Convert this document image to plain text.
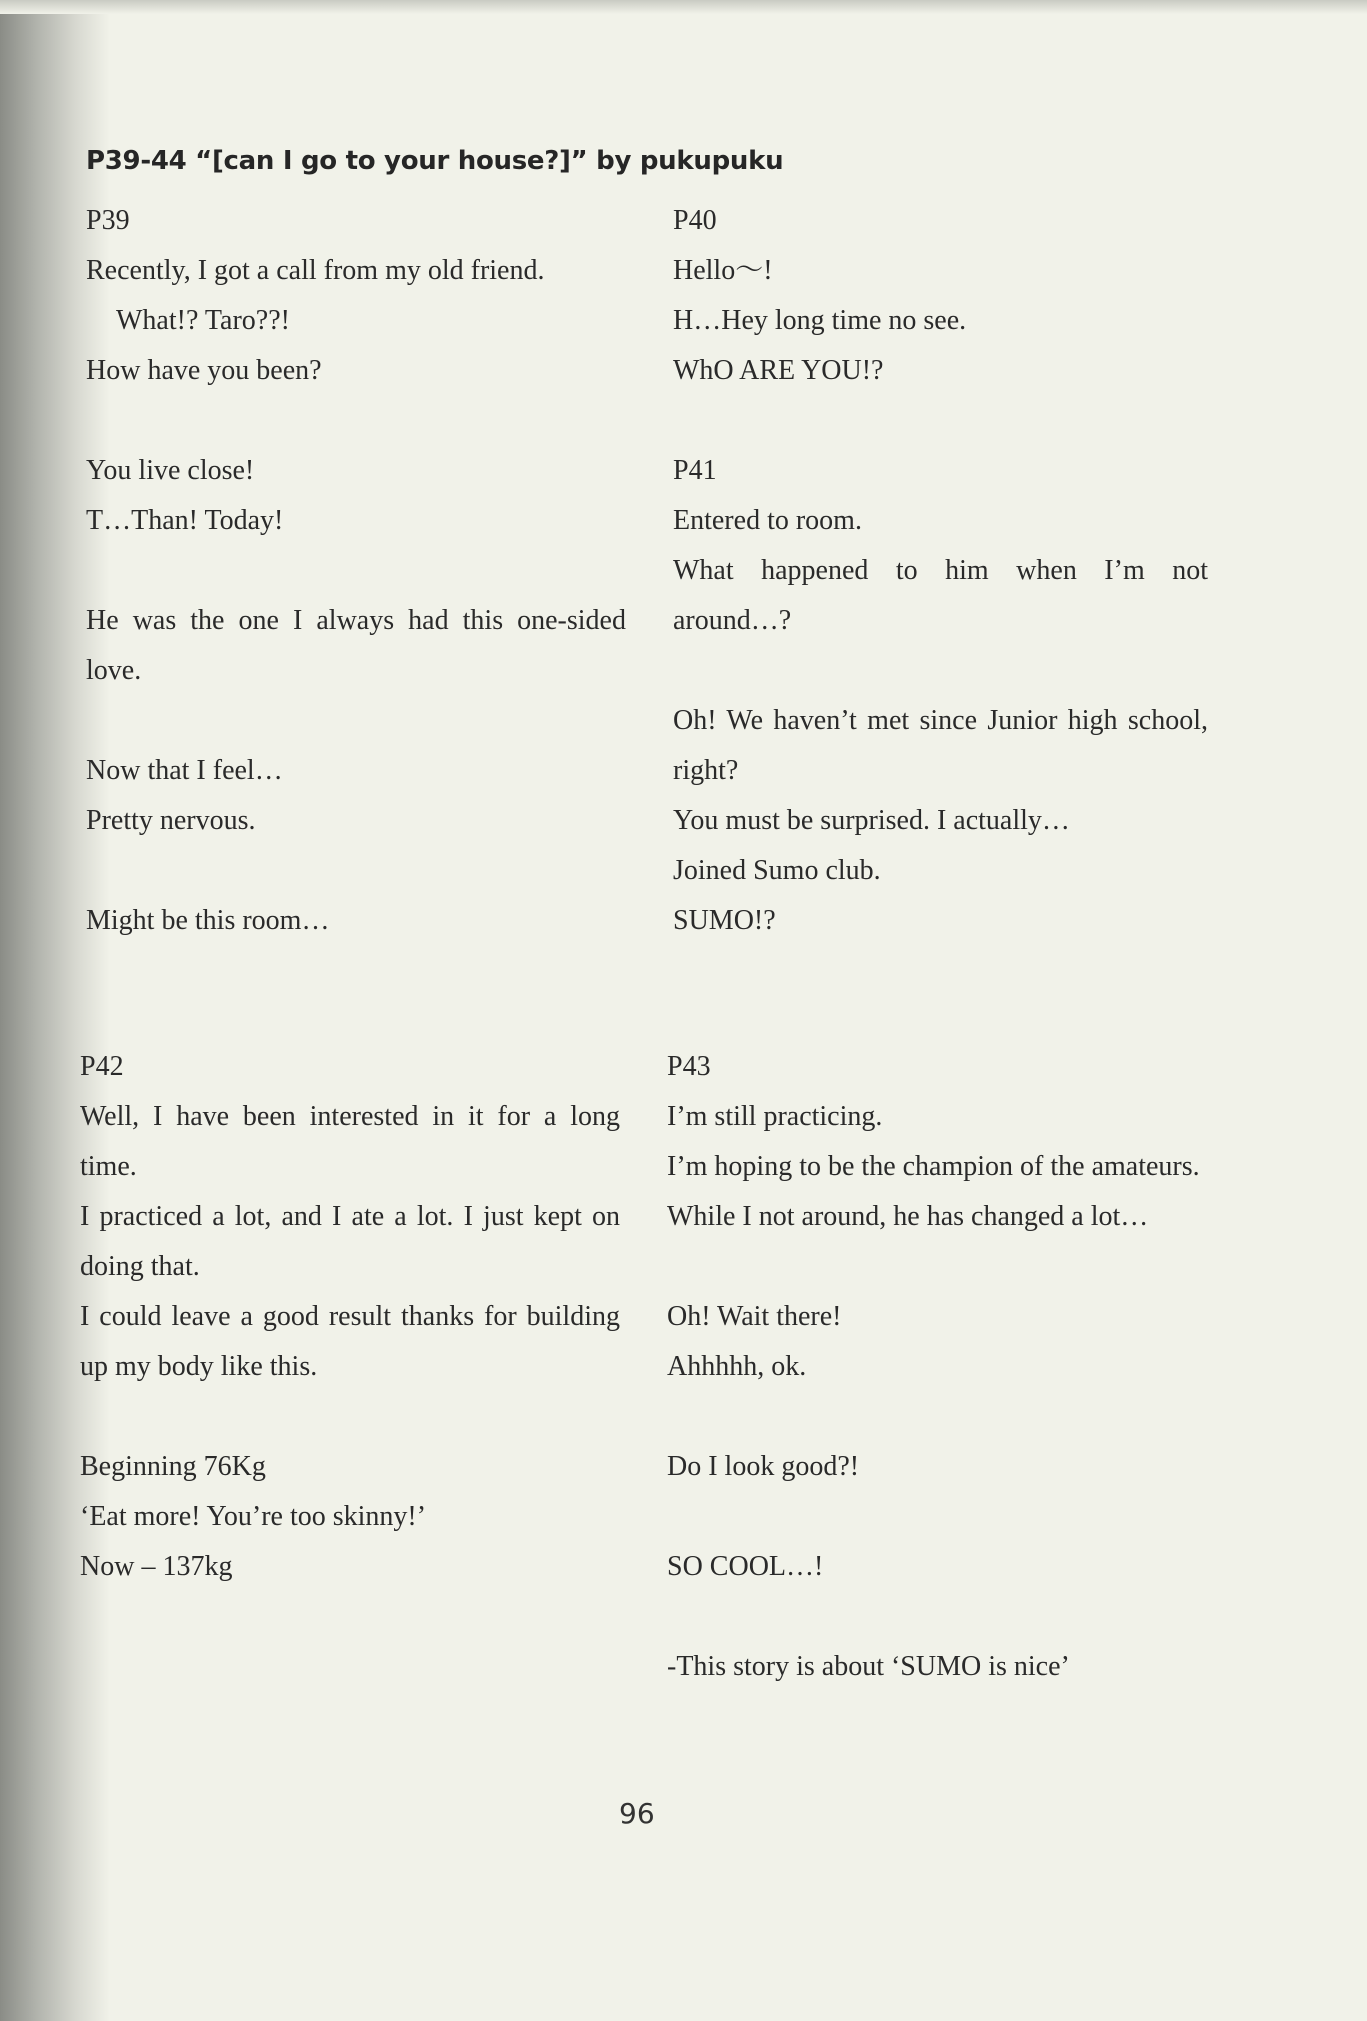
P39-44 “[can I go to your house?]” by pukupuku

P39

Recently, I got a call from my old friend.

What!? Taro??!

How have you been?

You live close!

T…Than! Today!

He was the one I always had this one-sided love.

Now that I feel…

Pretty nervous.

Might be this room…

P40

Hello～!

H…Hey long time no see.

WhO ARE YOU!?

P41

Entered to room.

What happened to him when I’m not around…?

Oh! We haven’t met since Junior high school, right?

You must be surprised. I actually…

Joined Sumo club.

SUMO!?

P42

Well, I have been interested in it for a long time.

I practiced a lot, and I ate a lot. I just kept on doing that.

I could leave a good result thanks for building up my body like this.

Beginning 76Kg

‘Eat more! You’re too skinny!’

Now – 137kg

P43

I’m still practicing.

I’m hoping to be the champion of the amateurs.

While I not around, he has changed a lot…

Oh! Wait there!

Ahhhhh, ok.

Do I look good?!

SO COOL…!

-This story is about ‘SUMO is nice’

96
